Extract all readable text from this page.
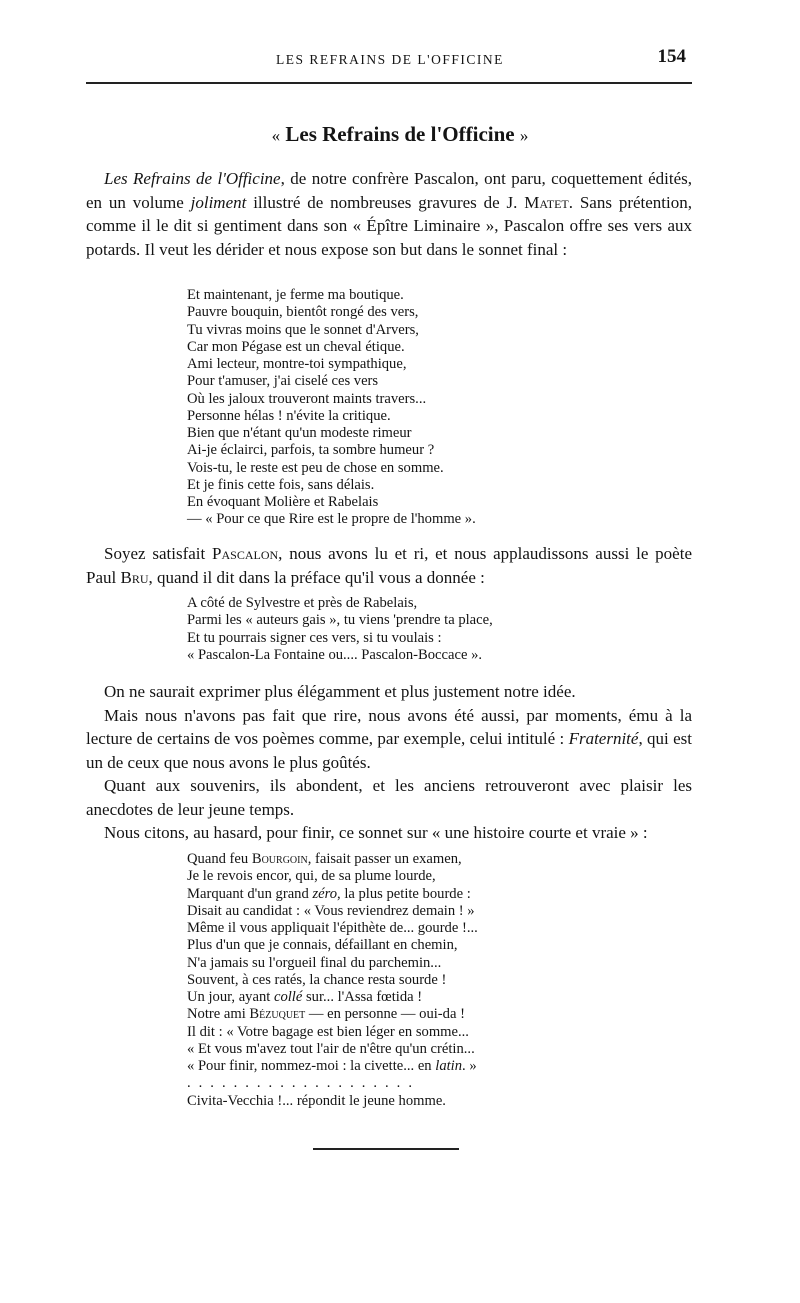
LES REFRAINS DE L'OFFICINE	154
« Les Refrains de l'Officine »

Les Refrains de l'Officine, de notre confrère Pascalon, ont paru, coquettement édités, en un volume joliment illustré de nombreuses gravures de J. Matet. Sans prétention, comme il le dit si gentiment dans son « Épître Liminaire », Pascalon offre ses vers aux potards. Il veut les dérider et nous expose son but dans le sonnet final :

Et maintenant, je ferme ma boutique.
Pauvre bouquin, bientôt rongé des vers,
Tu vivras moins que le sonnet d'Arvers,
Car mon Pégase est un cheval étique.
Ami lecteur, montre-toi sympathique,
Pour t'amuser, j'ai ciselé ces vers
Où les jaloux trouveront maints travers...
Personne hélas ! n'évite la critique.
Bien que n'étant qu'un modeste rimeur
Ai-je éclairci, parfois, ta sombre humeur ?
Vois-tu, le reste est peu de chose en somme.
Et je finis cette fois, sans délais.
En évoquant Molière et Rabelais
— « Pour ce que Rire est le propre de l'homme ».

Soyez satisfait Pascalon, nous avons lu et ri, et nous applaudissons aussi le poète Paul Bru, quand il dit dans la préface qu'il vous a donnée :

A côté de Sylvestre et près de Rabelais,
Parmi les « auteurs gais », tu viens 'prendre ta place,
Et tu pourrais signer ces vers, si tu voulais :
« Pascalon-La Fontaine ou.... Pascalon-Boccace ».

On ne saurait exprimer plus élégamment et plus justement notre idée.

Mais nous n'avons pas fait que rire, nous avons été aussi, par moments, ému à la lecture de certains de vos poèmes comme, par exemple, celui intitulé : Fraternité, qui est un de ceux que nous avons le plus goûtés.

Quant aux souvenirs, ils abondent, et les anciens retrouveront avec plaisir les anecdotes de leur jeune temps.

Nous citons, au hasard, pour finir, ce sonnet sur « une histoire courte et vraie » :

Quand feu Bourgoin, faisait passer un examen,
Je le revois encor, qui, de sa plume lourde,
Marquant d'un grand zéro, la plus petite bourde :
Disait au candidat : « Vous reviendrez demain ! »
Même il vous appliquait l'épithète de... gourde !...
Plus d'un que je connais, défaillant en chemin,
N'a jamais su l'orgueil final du parchemin...
Souvent, à ces ratés, la chance resta sourde !
Un jour, ayant collé sur... l'Assa fœtida !
Notre ami Bézuquet — en personne — oui-da !
Il dit : « Votre bagage est bien léger en somme...
« Et vous m'avez tout l'air de n'être qu'un crétin...
« Pour finir, nommez-moi : la civette... en latin. »
....................
Civita-Vecchia !... répondit le jeune homme.
